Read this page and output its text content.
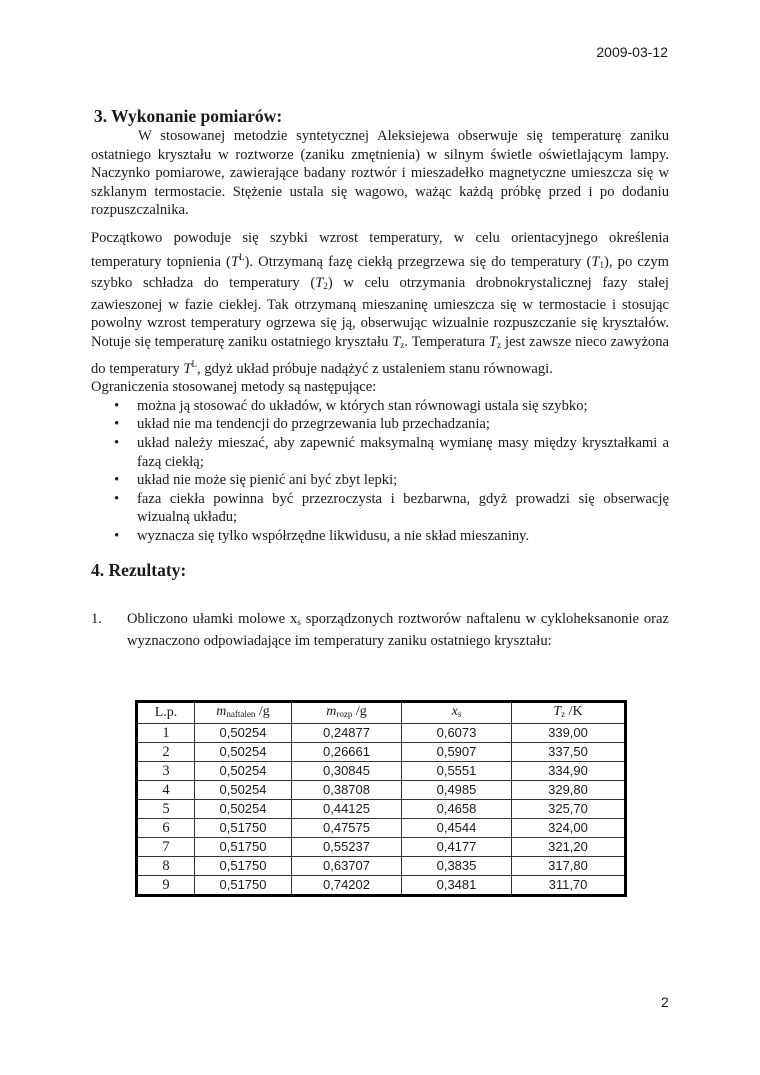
2009-03-12
3. Wykonanie pomiarów:

W stosowanej metodzie syntetycznej Aleksiejewa obserwuje się temperaturę zaniku ostatniego kryształu w roztworze (zaniku zmętnienia) w silnym świetle oświetlającym lampy. Naczynko pomiarowe, zawierające badany roztwór i mieszadełko magnetyczne umieszcza się w szklanym termostacie. Stężenie ustala się wagowo, ważąc każdą próbkę przed i po dodaniu rozpuszczalnika.

Początkowo powoduje się szybki wzrost temperatury, w celu orientacyjnego określenia temperatury topnienia $(T^L)$. Otrzymaną fazę ciekłą przegrzewa się do temperatury $(T_1)$, po czym szybko schładza do temperatury $(T_2)$ w celu otrzymania drobnokrystalicznej fazy stałej zawieszonej w fazie ciekłej. Tak otrzymaną mieszaninę umieszcza się w termostacie i stosując powolny wzrost temperatury ogrzewa się ją, obserwując wizualnie rozpuszczanie się kryształów. Notuje się temperaturę zaniku ostatniego kryształu $T_z$. Temperatura $T_z$ jest zawsze nieco zawyżona do temperatury $T^L$, gdyż układ próbuje nadążyć z ustaleniem stanu równowagi.

Ograniczenia stosowanej metody są następujące:

• można ją stosować do układów, w których stan równowagi ustala się szybko;
• układ nie ma tendencji do przegrzewania lub przechadzania;
• układ należy mieszać, aby zapewnić maksymalną wymianę masy między kryształkami a fazą ciekłą;
• układ nie może się pienić ani być zbyt lepki;
• faza ciekła powinna być przezroczysta i bezbarwna, gdyż prowadzi się obserwację wizualną układu;
• wyznacza się tylko współrzędne likwidusu, a nie skład mieszaniny.
4. Rezultaty:
1. Obliczono ułamki molowe $x_s$ sporządzonych roztworów naftalenu w cykloheksanonie oraz wyznaczono odpowiadające im temperatury zaniku ostatniego kryształu:
L.p.	$m_{naftalen}$ /g	$m_{rozp}$ /g	$x_s$	$T_z$ /K
1	0,50254	0,24877	0,6073	339,00
2	0,50254	0,26661	0,5907	337,50
3	0,50254	0,30845	0,5551	334,90
4	0,50254	0,38708	0,4985	329,80
5	0,50254	0,44125	0,4658	325,70
6	0,51750	0,47575	0,4544	324,00
7	0,51750	0,55237	0,4177	321,20
8	0,51750	0,63707	0,3835	317,80
9	0,51750	0,74202	0,3481	311,70
2
